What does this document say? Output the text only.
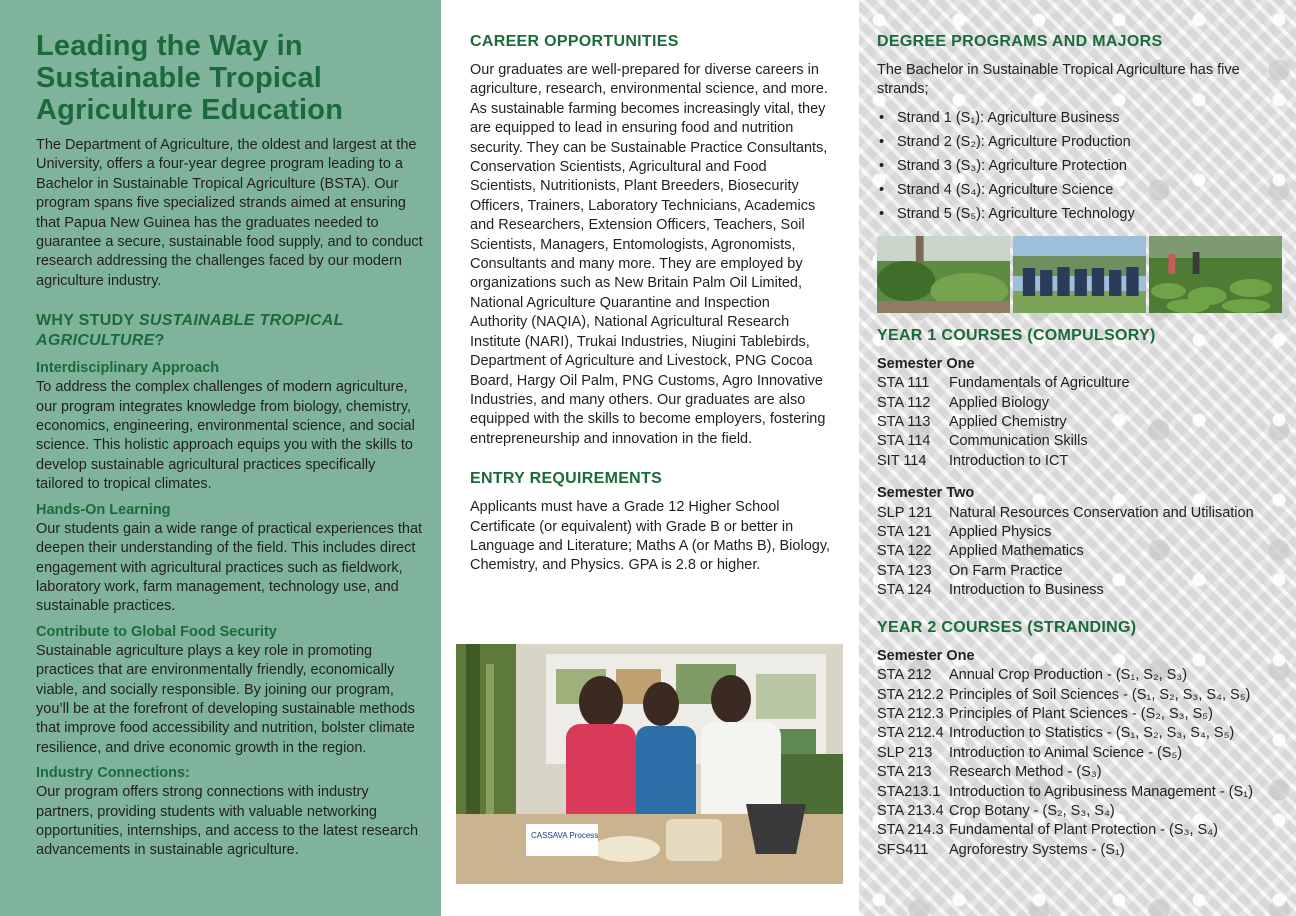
Leading the Way in
Sustainable Tropical
Agriculture Education

The Department of Agriculture, the oldest and largest at the University, offers a four-year degree program leading to a Bachelor in Sustainable Tropical Agriculture (BSTA). Our program spans five specialized strands aimed at ensuring that Papua New Guinea has the graduates needed to guarantee a secure, sustainable food supply, and to conduct research addressing the challenges faced by our modern agriculture industry.

WHY STUDY SUSTAINABLE TROPICAL AGRICULTURE?
Interdisciplinary Approach

To address the complex challenges of modern agriculture, our program integrates knowledge from biology, chemistry, economics, engineering, environmental science, and social science. This holistic approach equips you with the skills to develop sustainable agricultural practices specifically tailored to tropical climates.

Hands-On Learning

Our students gain a wide range of practical experiences that deepen their understanding of the field. This includes direct engagement with agricultural practices such as fieldwork, laboratory work, farm management, technology use, and sustainable practices.

Contribute to Global Food Security

Sustainable agriculture plays a key role in promoting practices that are environmentally friendly, economically viable, and socially responsible. By joining our program, you’ll be at the forefront of developing sustainable methods that improve food accessibility and nutrition, bolster climate resilience, and drive economic growth in the region.

Industry Connections:

Our program offers strong connections with industry partners, providing students with valuable networking opportunities, internships, and access to the latest research advancements in sustainable agriculture.

CAREER OPPORTUNITIES

Our graduates are well-prepared for diverse careers in agriculture, research, environmental science, and more. As sustainable farming becomes increasingly vital, they are equipped to lead in ensuring food and nutrition security. They can be Sustainable Practice Consultants, Conservation Scientists, Agricultural and Food Scientists, Nutritionists, Plant Breeders, Biosecurity Officers, Trainers, Laboratory Technicians, Academics and Researchers, Extension Officers, Teachers, Soil Scientists, Managers, Entomologists, Agronomists, Consultants and many more. They are employed by organizations such as New Britain Palm Oil Limited, National Agriculture Quarantine and Inspection Authority (NAQIA), National Agricultural Research Institute (NARI), Trukai Industries, Niugini Tablebirds, Department of Agriculture and Livestock, PNG Cocoa Board, Hargy Oil Palm, PNG Customs, Agro Innovative Industries, and many others. Our graduates are also equipped with the skills to become employers, fostering entrepreneurship and innovation in the field.

ENTRY REQUIREMENTS

Applicants must have a Grade 12 Higher School Certificate (or equivalent) with Grade B or better in Language and Literature; Maths A (or Maths B), Biology, Chemistry, and Physics. GPA is 2.8 or higher.

CASSAVA Process
DEGREE PROGRAMS AND MAJORS

The Bachelor in Sustainable Tropical Agriculture has five strands;

• Strand 1 (S₁): Agriculture Business
• Strand 2 (S₂): Agriculture Production
• Strand 3 (S₃): Agriculture Protection
• Strand 4 (S₄): Agriculture Science
• Strand 5 (S₅): Agriculture Technology
YEAR 1 COURSES (COMPULSORY)

Semester One

STA 111	Fundamentals of Agriculture
STA 112	Applied Biology
STA 113	Applied Chemistry
STA 114	Communication Skills
SIT 114	Introduction to ICT

Semester Two

SLP 121	Natural Resources Conservation and Utilisation
STA 121	Applied Physics
STA 122	Applied Mathematics
STA 123	On Farm Practice
STA 124	Introduction to Business
YEAR 2 COURSES (STRANDING)

Semester One

STA 212	Annual Crop Production - (S₁, S₂, S₃)
STA 212.2 Principles of Soil Sciences - (S₁, S₂, S₃, S₄, S₅)
STA 212.3 Principles of Plant Sciences - (S₂, S₃, S₅)
STA 212.4 Introduction to Statistics - (S₁, S₂, S₃, S₄, S₅)
SLP 213	Introduction to Animal Science - (S₅)
STA 213	Research Method - (S₃)
STA213.1 Introduction to Agribusiness Management - (S₁)
STA 213.4 Crop Botany - (S₂, S₃, S₄)
STA 214.3 Fundamental of Plant Protection - (S₃, S₄)
SFS411	Agroforestry Systems - (S₁)
